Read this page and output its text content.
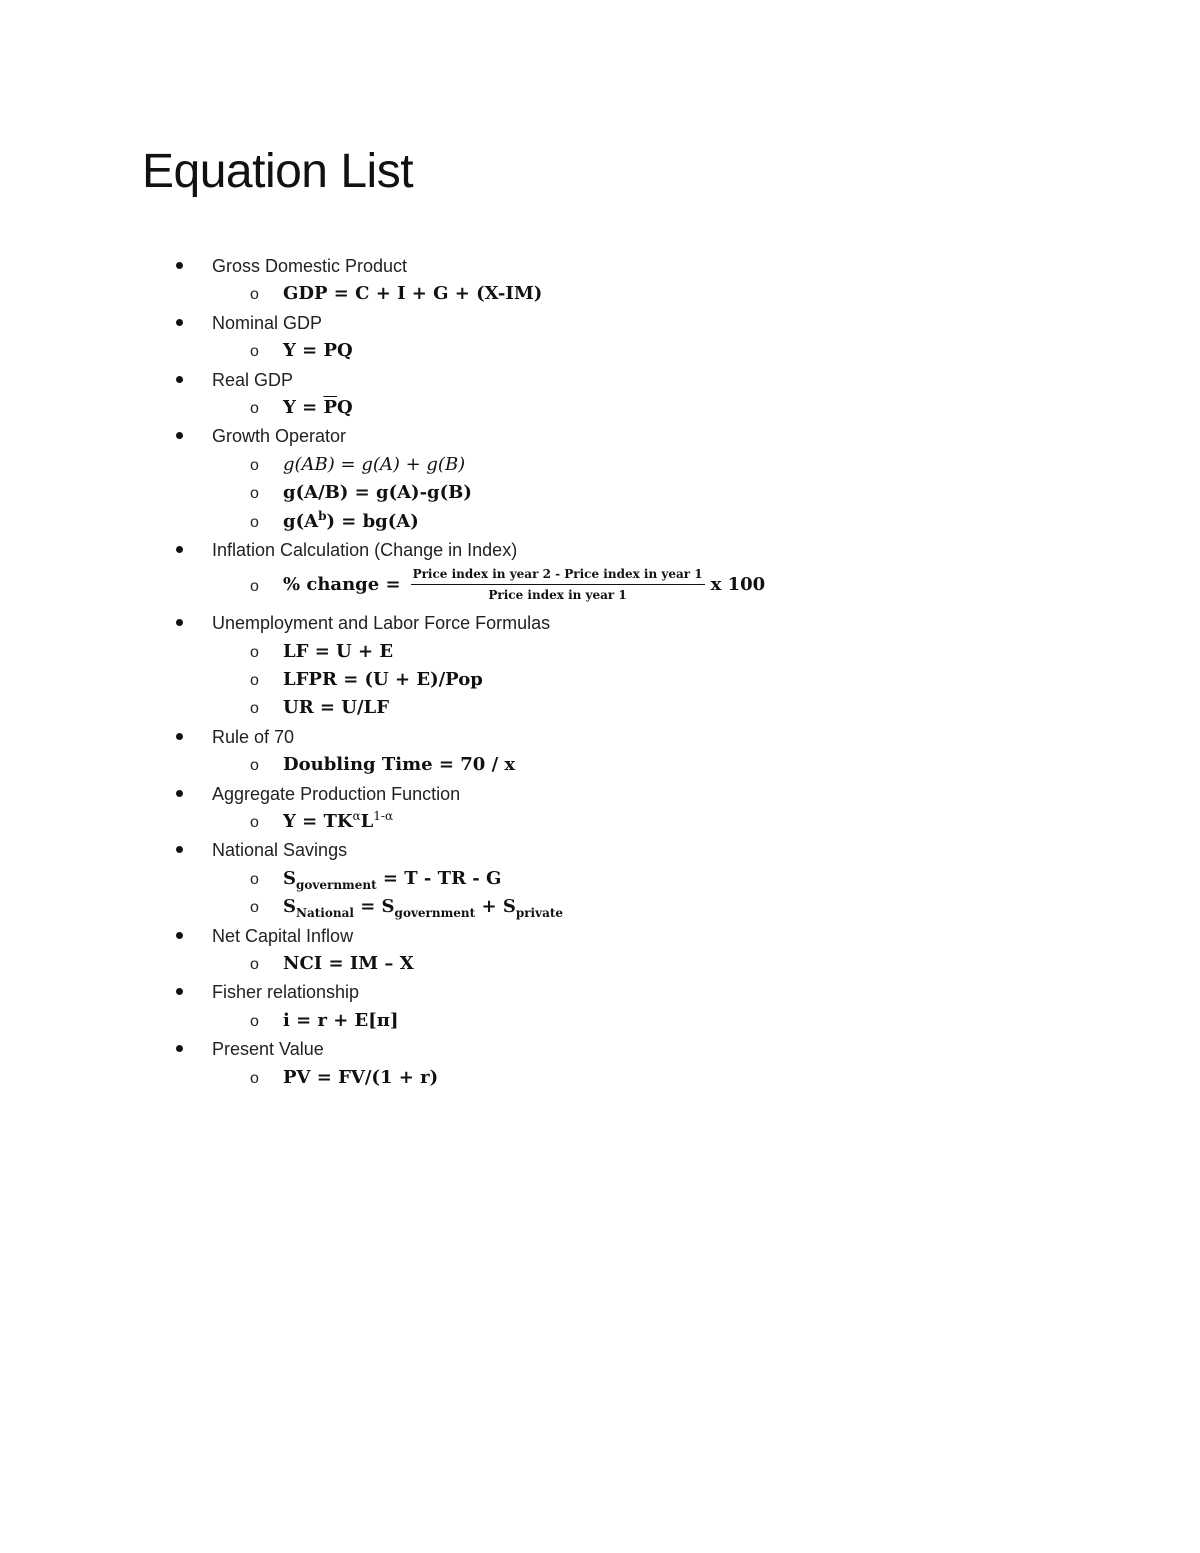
Equation List
Gross Domestic Product
o GDP = C + I + G + (X-IM)
Nominal GDP
o Y = PQ
Real GDP
o $Y = \overline{P}Q$
Growth Operator
o g(AB) = g(A) + g(B)
o g(A/B) = g(A)-g(B)
o $g(A^b) = bg(A)$
Inflation Calculation (Change in Index)
o % change = $\frac{\text{Price index in year 2 - Price index in year 1}}{\text{Price index in year 1}}$ x 100
Unemployment and Labor Force Formulas
o LF = U + E
o LFPR = (U + E)/Pop
o UR = U/LF
Rule of 70
o Doubling Time = 70 / x
Aggregate Production Function
o $Y = TK^\alpha L^{1-\alpha}$
National Savings
o $S_{government} = T$ - TR - G
o $S_{National} = S_{government} + S_{private}$
Net Capital Inflow
o NCI = IM – X
Fisher relationship
o i = r + E[π]
Present Value
o PV = FV/(1 + r)
